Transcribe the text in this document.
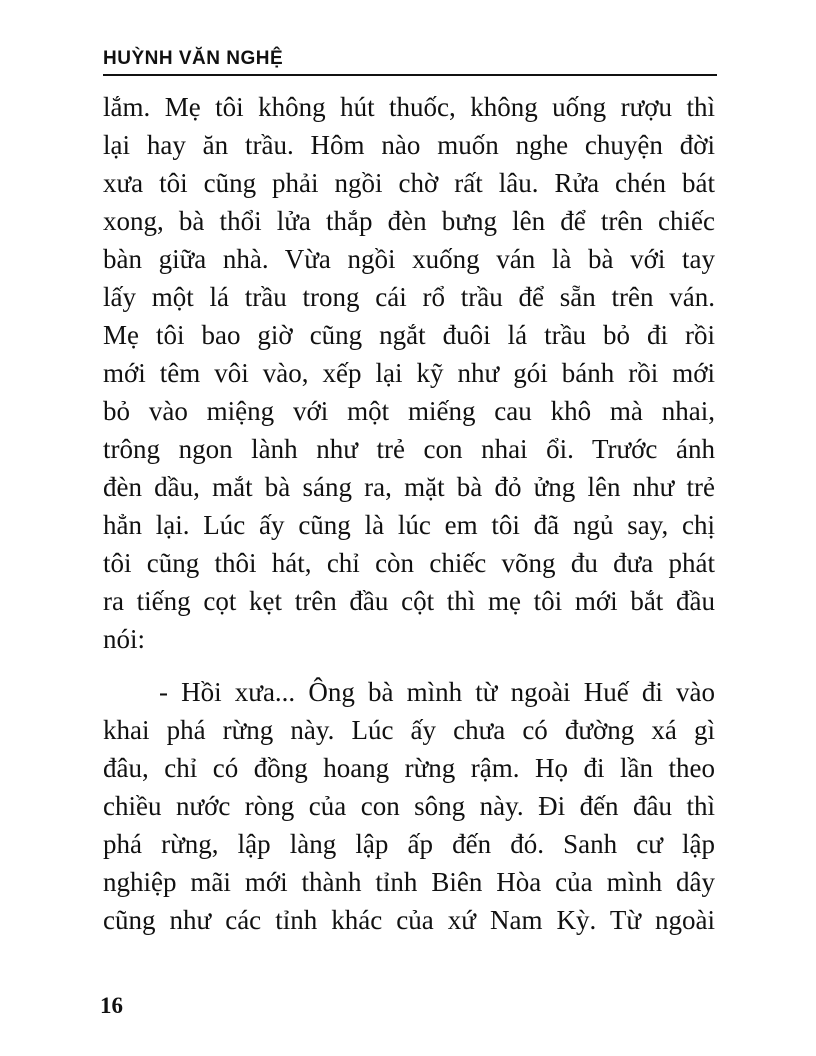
HUỲNH VĂN NGHỆ
lắm. Mẹ tôi không hút thuốc, không uống rượu thì
lại hay ăn trầu. Hôm nào muốn nghe chuyện đời
xưa tôi cũng phải ngồi chờ rất lâu. Rửa chén bát
xong, bà thổi lửa thắp đèn bưng lên để trên chiếc
bàn giữa nhà. Vừa ngồi xuống ván là bà với tay
lấy một lá trầu trong cái rổ trầu để sẵn trên ván.
Mẹ tôi bao giờ cũng ngắt đuôi lá trầu bỏ đi rồi
mới têm vôi vào, xếp lại kỹ như gói bánh rồi mới
bỏ vào miệng với một miếng cau khô mà nhai,
trông ngon lành như trẻ con nhai ổi. Trước ánh
đèn dầu, mắt bà sáng ra, mặt bà đỏ ửng lên như trẻ
hẳn lại. Lúc ấy cũng là lúc em tôi đã ngủ say, chị
tôi cũng thôi hát, chỉ còn chiếc võng đu đưa phát
ra tiếng cọt kẹt trên đầu cột thì mẹ tôi mới bắt đầu
nói:
- Hồi xưa... Ông bà mình từ ngoài Huế đi vào
khai phá rừng này. Lúc ấy chưa có đường xá gì
đâu, chỉ có đồng hoang rừng rậm. Họ đi lần theo
chiều nước ròng của con sông này. Đi đến đâu thì
phá rừng, lập làng lập ấp đến đó. Sanh cư lập
nghiệp mãi mới thành tỉnh Biên Hòa của mình dây
cũng như các tỉnh khác của xứ Nam Kỳ. Từ ngoài
16
